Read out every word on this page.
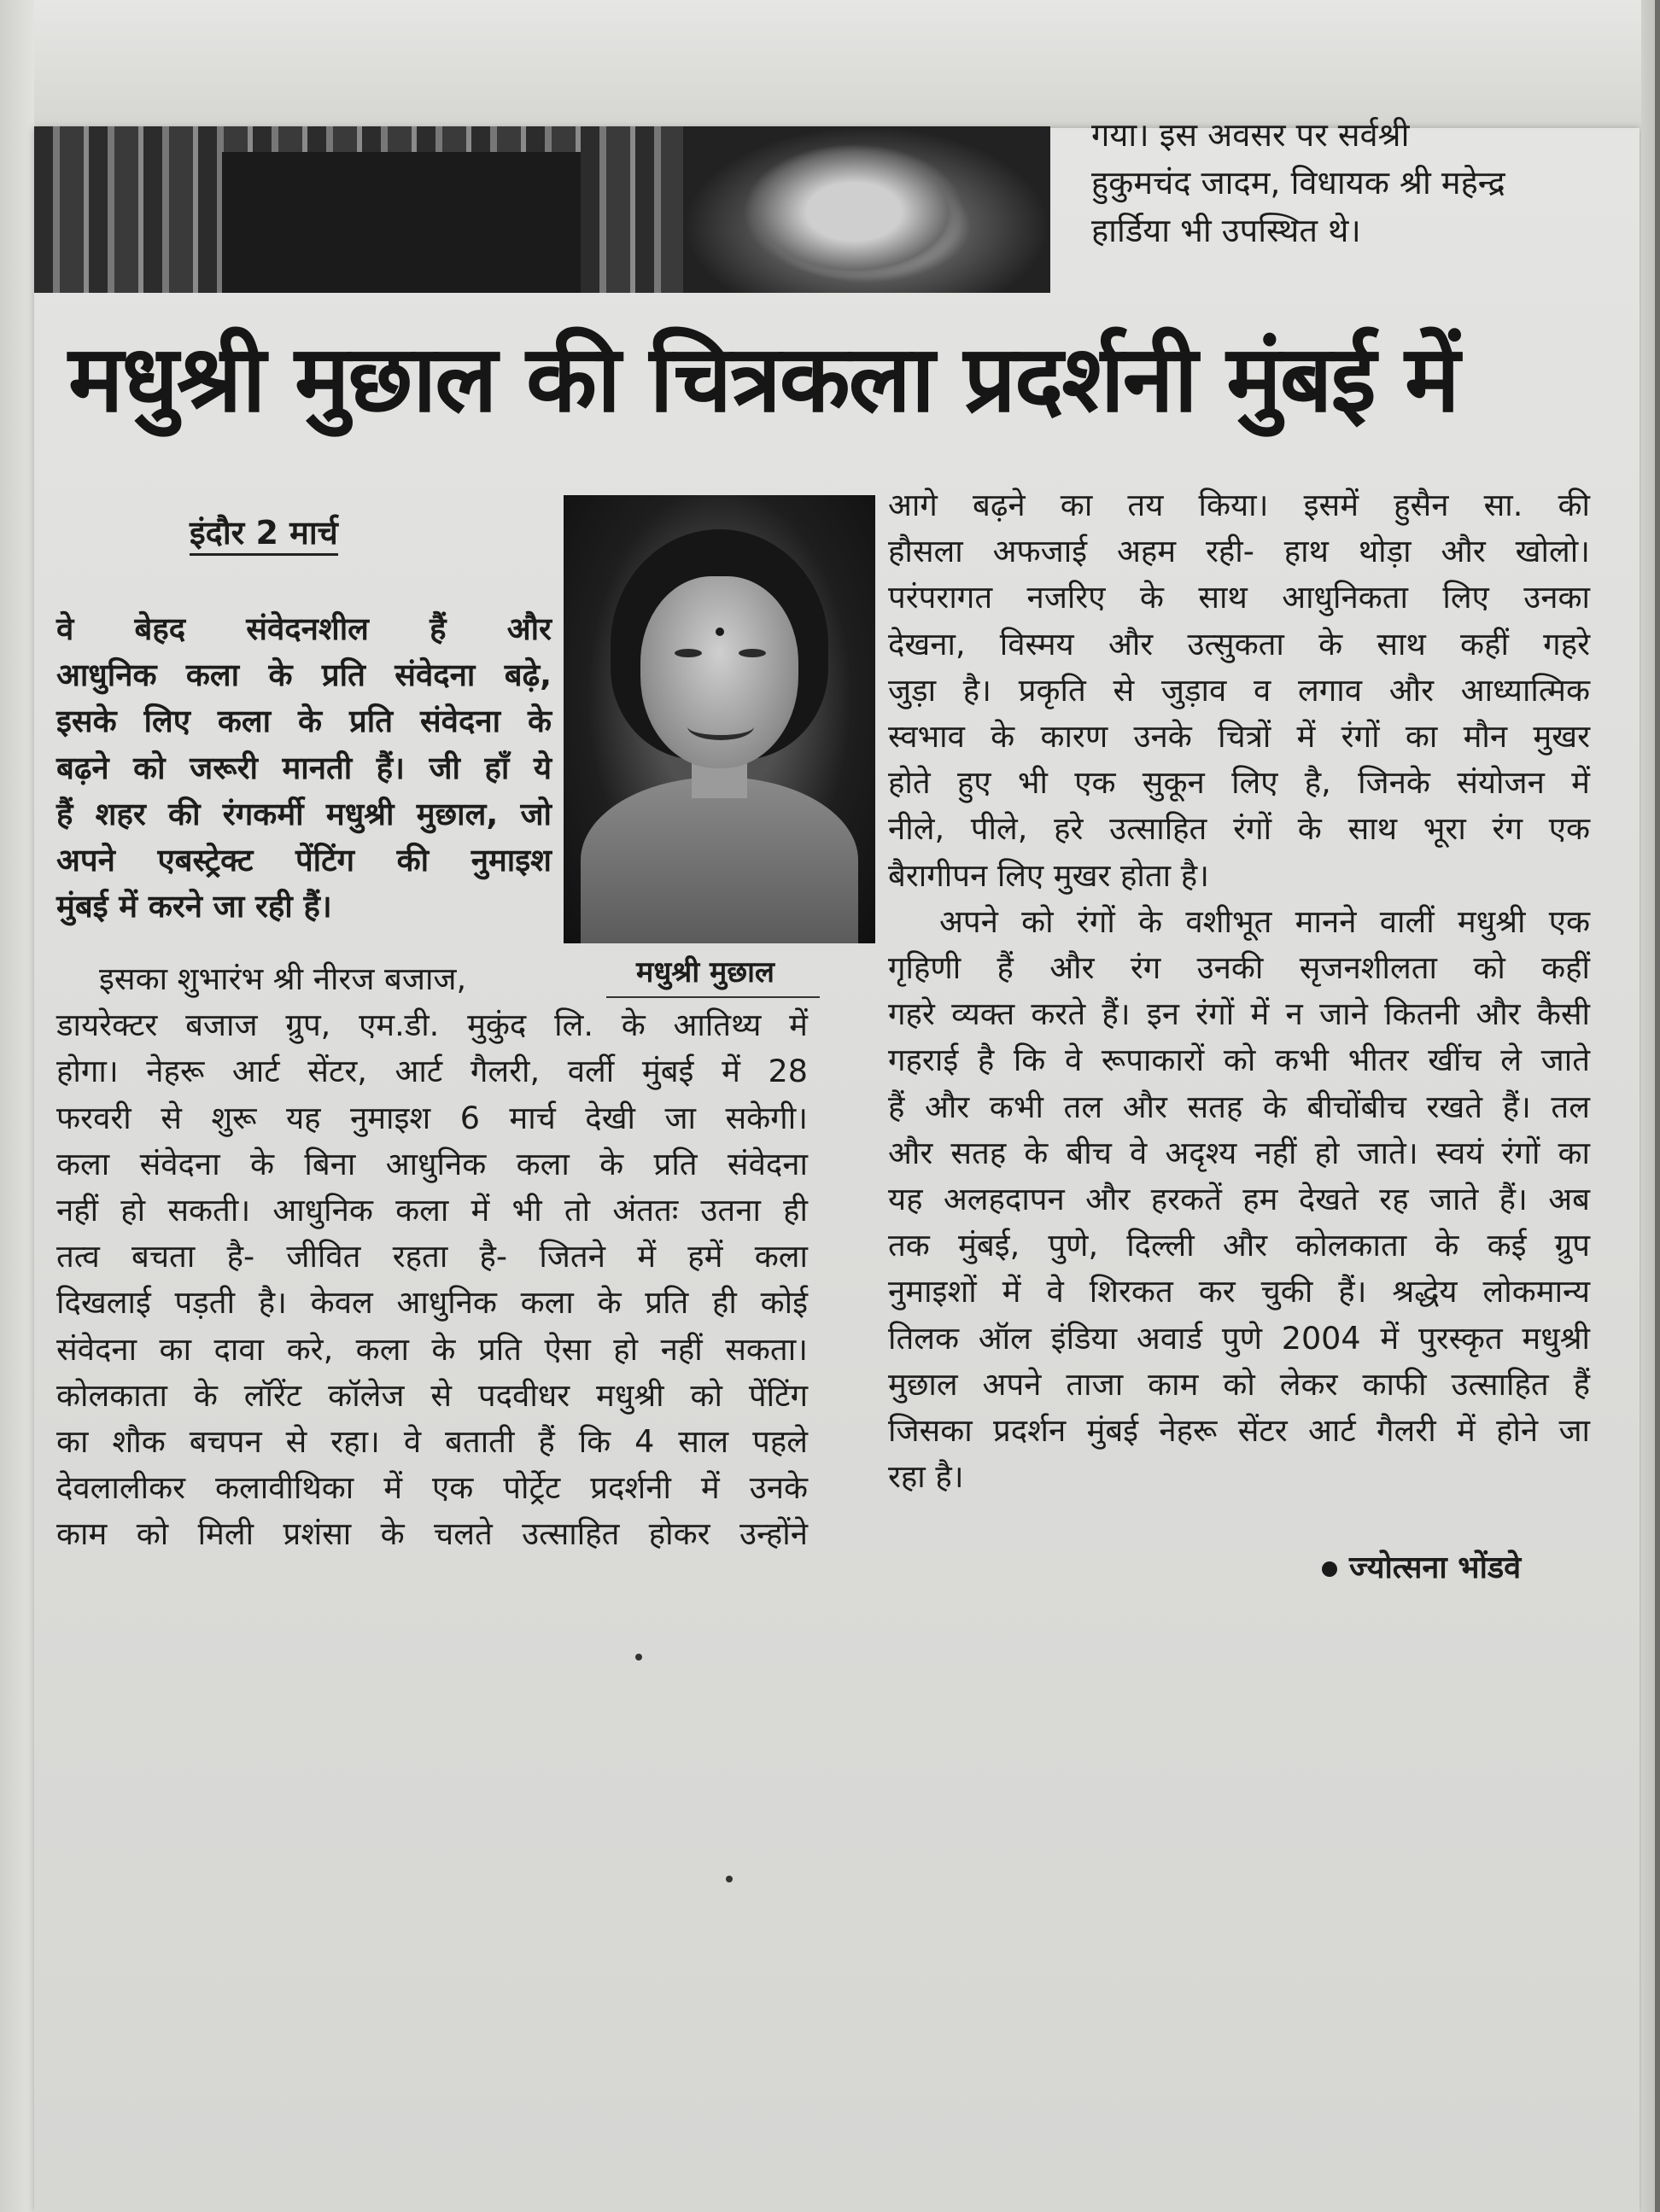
गया। इस अवसर पर सर्वश्री

हुकुमचंद जादम, विधायक श्री महेन्द्र

हार्डिया भी उपस्थित थे।

मधुश्री मुछाल की चित्रकला प्रदर्शनी मुंबई में
इंदौर 2 मार्च

वे बेहद संवेदनशील हैं और

आधुनिक कला के प्रति संवेदना बढ़े,

इसके लिए कला के प्रति संवेदना के

बढ़ने को जरूरी मानती हैं। जी हाँ ये

हैं शहर की रंगकर्मी मधुश्री मुछाल, जो

अपने एबस्ट्रेक्ट पेंटिंग की नुमाइश

मुंबई में करने जा रही हैं।

मधुश्री मुछाल

इसका शुभारंभ श्री नीरज बजाज,

डायरेक्टर बजाज ग्रुप, एम.डी. मुकुंद लि. के आतिथ्य में

होगा। नेहरू आर्ट सेंटर, आर्ट गैलरी, वर्ली मुंबई में 28

फरवरी से शुरू यह नुमाइश 6 मार्च देखी जा सकेगी।

कला संवेदना के बिना आधुनिक कला के प्रति संवेदना

नहीं हो सकती। आधुनिक कला में भी तो अंततः उतना ही

तत्व बचता है- जीवित रहता है- जितने में हमें कला

दिखलाई पड़ती है। केवल आधुनिक कला के प्रति ही कोई

संवेदना का दावा करे, कला के प्रति ऐसा हो नहीं सकता।

कोलकाता के लॉरेंट कॉलेज से पदवीधर मधुश्री को पेंटिंग

का शौक बचपन से रहा। वे बताती हैं कि 4 साल पहले

देवलालीकर कलावीथिका में एक पोर्ट्रेट प्रदर्शनी में उनके

काम को मिली प्रशंसा के चलते उत्साहित होकर उन्होंने

आगे बढ़ने का तय किया। इसमें हुसैन सा. की

हौसला अफजाई अहम रही- हाथ थोड़ा और खोलो।

परंपरागत नजरिए के साथ आधुनिकता लिए उनका

देखना, विस्मय और उत्सुकता के साथ कहीं गहरे

जुड़ा है। प्रकृति से जुड़ाव व लगाव और आध्यात्मिक

स्वभाव के कारण उनके चित्रों में रंगों का मौन मुखर

होते हुए भी एक सुकून लिए है, जिनके संयोजन में

नीले, पीले, हरे उत्साहित रंगों के साथ भूरा रंग एक

बैरागीपन लिए मुखर होता है।

अपने को रंगों के वशीभूत मानने वालीं मधुश्री एक

गृहिणी हैं और रंग उनकी सृजनशीलता को कहीं

गहरे व्यक्त करते हैं। इन रंगों में न जाने कितनी और कैसी

गहराई है कि वे रूपाकारों को कभी भीतर खींच ले जाते

हैं और कभी तल और सतह के बीचोंबीच रखते हैं। तल

और सतह के बीच वे अदृश्य नहीं हो जाते। स्वयं रंगों का

यह अलहदापन और हरकतें हम देखते रह जाते हैं। अब

तक मुंबई, पुणे, दिल्ली और कोलकाता के कई ग्रुप

नुमाइशों में वे शिरकत कर चुकी हैं। श्रद्धेय लोकमान्य

तिलक ऑल इंडिया अवार्ड पुणे 2004 में पुरस्कृत मधुश्री

मुछाल अपने ताजा काम को लेकर काफी उत्साहित हैं

जिसका प्रदर्शन मुंबई नेहरू सेंटर आर्ट गैलरी में होने जा

रहा है।

ज्योत्सना भोंडवे
